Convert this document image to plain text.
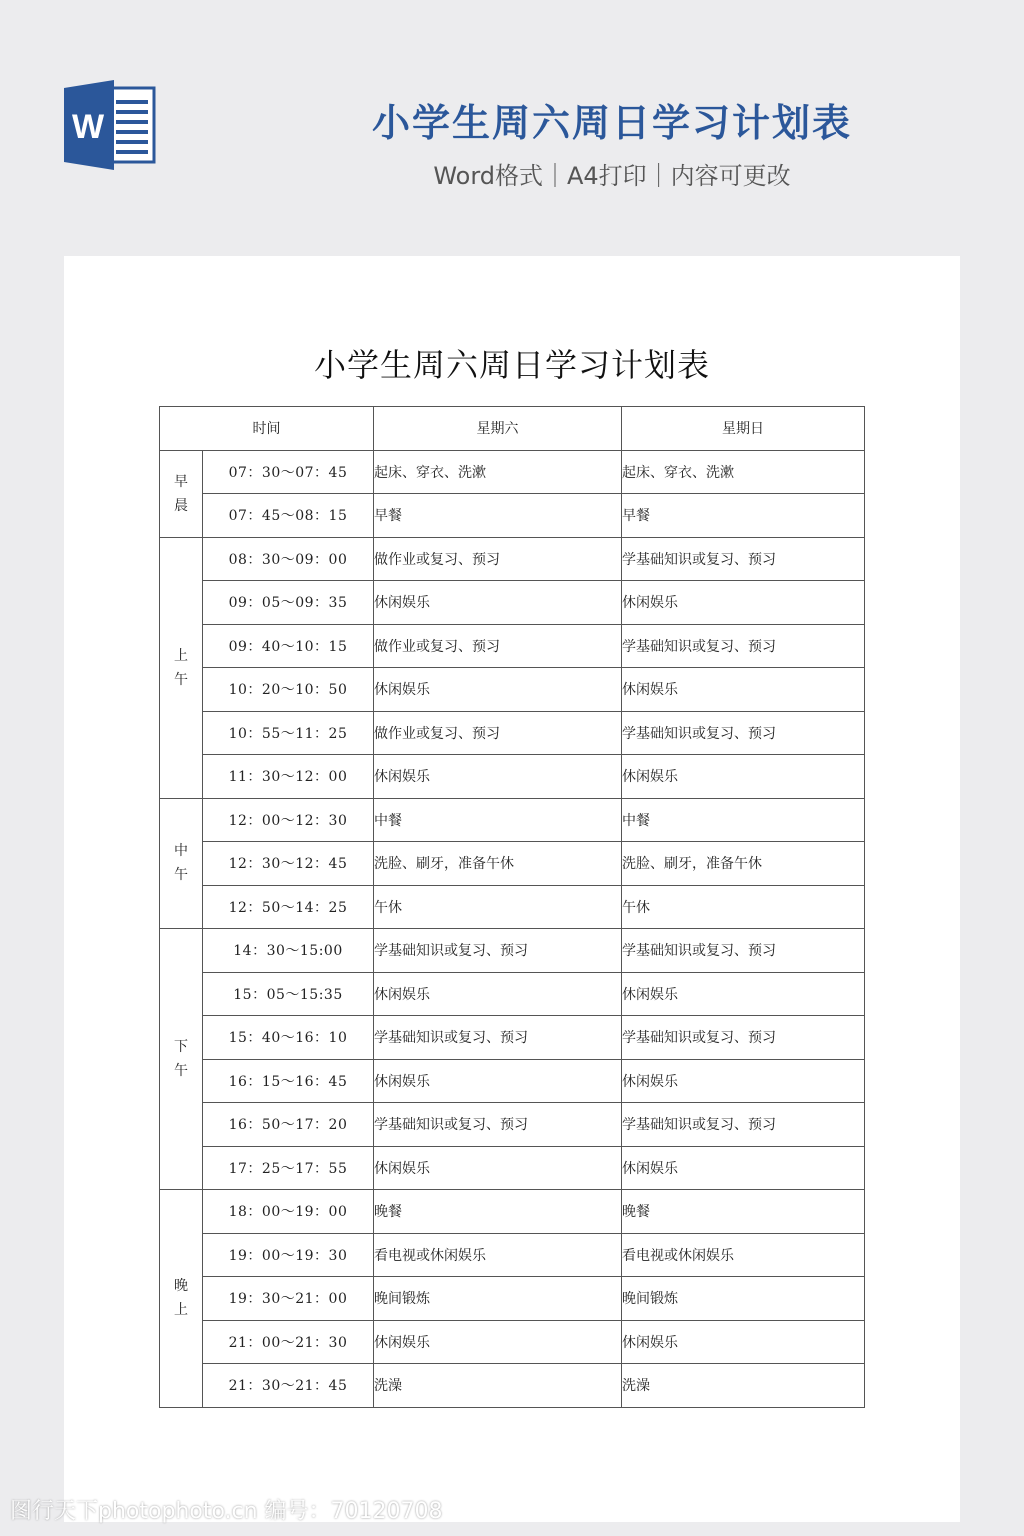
W	小学生周六周日学习计划表
Word格式｜A4打印｜内容可更改
小学生周六周日学习计划表
时间		星期六	星期日
早晨	07：30～07：45	起床、穿衣、洗漱	起床、穿衣、洗漱
	07：45～08：15	早餐	早餐
上午	08：30～09：00	做作业或复习、预习	学基础知识或复习、预习
	09：05～09：35	休闲娱乐	休闲娱乐
	09：40～10：15	做作业或复习、预习	学基础知识或复习、预习
	10：20～10：50	休闲娱乐	休闲娱乐
	10：55～11：25	做作业或复习、预习	学基础知识或复习、预习
	11：30～12：00	休闲娱乐	休闲娱乐
中午	12：00～12：30	中餐	中餐
	12：30～12：45	洗脸、刷牙，准备午休	洗脸、刷牙，准备午休
	12：50～14：25	午休	午休
下午	14：30～15:00	学基础知识或复习、预习	学基础知识或复习、预习
	15：05～15:35	休闲娱乐	休闲娱乐
	15：40～16：10	学基础知识或复习、预习	学基础知识或复习、预习
	16：15～16：45	休闲娱乐	休闲娱乐
	16：50～17：20	学基础知识或复习、预习	学基础知识或复习、预习
	17：25～17：55	休闲娱乐	休闲娱乐
晚上	18：00～19：00	晚餐	晚餐
	19：00～19：30	看电视或休闲娱乐	看电视或休闲娱乐
	19：30～21：00	晚间锻炼	晚间锻炼
	21：00～21：30	休闲娱乐	休闲娱乐
	21：30～21：45	洗澡	洗澡
图行天下photophoto.cn 编号：70120708
